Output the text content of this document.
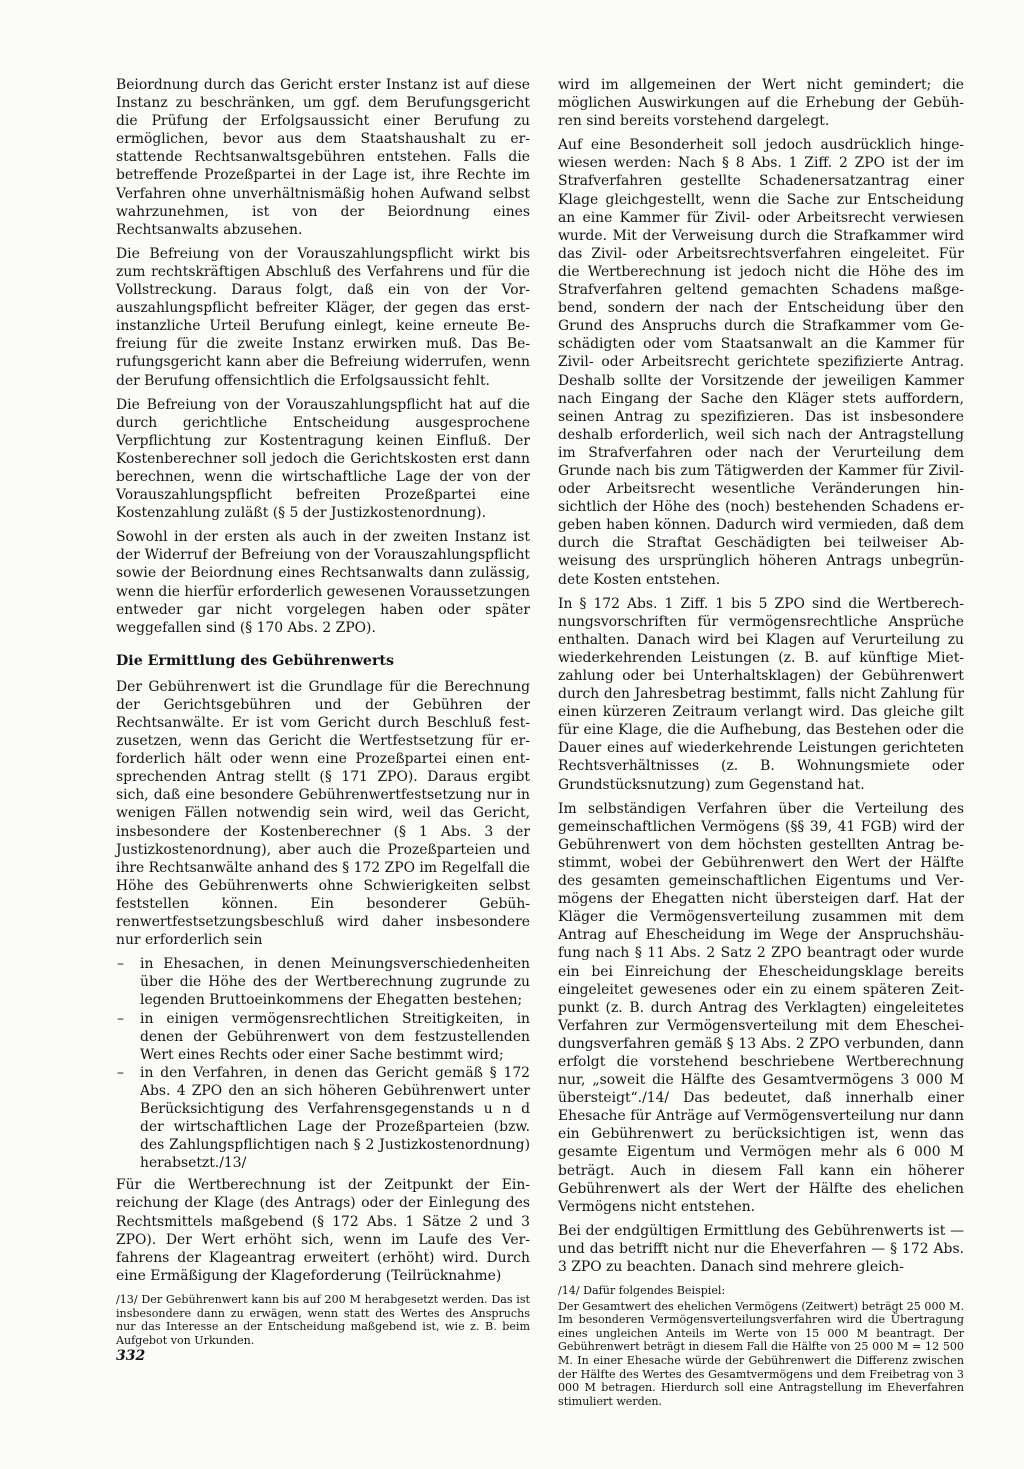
Beiordnung durch das Gericht erster Instanz ist auf diese Instanz zu beschränken, um ggf. dem Berufungsgericht die Prüfung der Erfolgsaussicht einer Berufung zu ermöglichen, bevor aus dem Staatshaushalt zu erstattende Rechtsanwaltsgebühren entstehen. Falls die betreffende Prozeßpartei in der Lage ist, ihre Rechte im Verfahren ohne unverhältnismäßig hohen Aufwand selbst wahrzunehmen, ist von der Beiordnung eines Rechtsanwalts abzusehen.

Die Befreiung von der Vorauszahlungspflicht wirkt bis zum rechtskräftigen Abschluß des Verfahrens und für die Vollstreckung. Daraus folgt, daß ein von der Vorauszahlungspflicht befreiter Kläger, der gegen das erstinstanzliche Urteil Berufung einlegt, keine erneute Befreiung für die zweite Instanz erwirken muß. Das Berufungsgericht kann aber die Befreiung widerrufen, wenn der Berufung offensichtlich die Erfolgsaussicht fehlt.

Die Befreiung von der Vorauszahlungspflicht hat auf die durch gerichtliche Entscheidung ausgesprochene Verpflichtung zur Kostentragung keinen Einfluß. Der Kostenberechner soll jedoch die Gerichtskosten erst dann berechnen, wenn die wirtschaftliche Lage der von der Vorauszahlungspflicht befreiten Prozeßpartei eine Kostenzahlung zuläßt (§ 5 der Justizkostenordnung).

Sowohl in der ersten als auch in der zweiten Instanz ist der Widerruf der Befreiung von der Vorauszahlungspflicht sowie der Beiordnung eines Rechtsanwalts dann zulässig, wenn die hierfür erforderlich gewesenen Voraussetzungen entweder gar nicht vorgelegen haben oder später weggefallen sind (§ 170 Abs. 2 ZPO).

Die Ermittlung des Gebührenwerts

Der Gebührenwert ist die Grundlage für die Berechnung der Gerichtsgebühren und der Gebühren der Rechtsanwälte. Er ist vom Gericht durch Beschluß festzusetzen, wenn das Gericht die Wertfestsetzung für erforderlich hält oder wenn eine Prozeßpartei einen entsprechenden Antrag stellt (§ 171 ZPO). Daraus ergibt sich, daß eine besondere Gebührenwertfestsetzung nur in wenigen Fällen notwendig sein wird, weil das Gericht, insbesondere der Kostenberechner (§ 1 Abs. 3 der Justizkostenordnung), aber auch die Prozeßparteien und ihre Rechtsanwälte anhand des § 172 ZPO im Regelfall die Höhe des Gebührenwerts ohne Schwierigkeiten selbst feststellen können. Ein besonderer Gebührenwertfestsetzungsbeschluß wird daher insbesondere nur erforderlich sein

– in Ehesachen, in denen Meinungsverschiedenheiten über die Höhe des der Wertberechnung zugrunde zu legenden Bruttoeinkommens der Ehegatten bestehen;
– in einigen vermögensrechtlichen Streitigkeiten, in denen der Gebührenwert von dem festzustellenden Wert eines Rechts oder einer Sache bestimmt wird;
– in den Verfahren, in denen das Gericht gemäß § 172 Abs. 4 ZPO den an sich höheren Gebührenwert unter Berücksichtigung des Verfahrensgegenstands u n d der wirtschaftlichen Lage der Prozeßparteien (bzw. des Zahlungspflichtigen nach § 2 Justizkostenordnung) herabsetzt./13/

Für die Wertberechnung ist der Zeitpunkt der Einreichung der Klage (des Antrags) oder der Einlegung des Rechtsmittels maßgebend (§ 172 Abs. 1 Sätze 2 und 3 ZPO). Der Wert erhöht sich, wenn im Laufe des Verfahrens der Klageantrag erweitert (erhöht) wird. Durch eine Ermäßigung der Klageforderung (Teilrücknahme)

/13/ Der Gebührenwert kann bis auf 200 M herabgesetzt werden. Das ist insbesondere dann zu erwägen, wenn statt des Wertes des Anspruchs nur das Interesse an der Entscheidung maßgebend ist, wie z. B. beim Aufgebot von Urkunden.

wird im allgemeinen der Wert nicht gemindert; die möglichen Auswirkungen auf die Erhebung der Gebühren sind bereits vorstehend dargelegt.

Auf eine Besonderheit soll jedoch ausdrücklich hingewiesen werden: Nach § 8 Abs. 1 Ziff. 2 ZPO ist der im Strafverfahren gestellte Schadenersatzantrag einer Klage gleichgestellt, wenn die Sache zur Entscheidung an eine Kammer für Zivil- oder Arbeitsrecht verwiesen wurde. Mit der Verweisung durch die Strafkammer wird das Zivil- oder Arbeitsrechtsverfahren eingeleitet. Für die Wertberechnung ist jedoch nicht die Höhe des im Strafverfahren geltend gemachten Schadens maßgebend, sondern der nach der Entscheidung über den Grund des Anspruchs durch die Strafkammer vom Geschädigten oder vom Staatsanwalt an die Kammer für Zivil- oder Arbeitsrecht gerichtete spezifizierte Antrag. Deshalb sollte der Vorsitzende der jeweiligen Kammer nach Eingang der Sache den Kläger stets auffordern, seinen Antrag zu spezifizieren. Das ist insbesondere deshalb erforderlich, weil sich nach der Antragstellung im Strafverfahren oder nach der Verurteilung dem Grunde nach bis zum Tätigwerden der Kammer für Zivil- oder Arbeitsrecht wesentliche Veränderungen hinsichtlich der Höhe des (noch) bestehenden Schadens ergeben haben können. Dadurch wird vermieden, daß dem durch die Straftat Geschädigten bei teilweiser Abweisung des ursprünglich höheren Antrags unbegründete Kosten entstehen.

In § 172 Abs. 1 Ziff. 1 bis 5 ZPO sind die Wertberechnungsvorschriften für vermögensrechtliche Ansprüche enthalten. Danach wird bei Klagen auf Verurteilung zu wiederkehrenden Leistungen (z. B. auf künftige Mietzahlung oder bei Unterhaltsklagen) der Gebührenwert durch den Jahresbetrag bestimmt, falls nicht Zahlung für einen kürzeren Zeitraum verlangt wird. Das gleiche gilt für eine Klage, die die Aufhebung, das Bestehen oder die Dauer eines auf wiederkehrende Leistungen gerichteten Rechtsverhältnisses (z. B. Wohnungsmiete oder Grundstücksnutzung) zum Gegenstand hat.

Im selbständigen Verfahren über die Verteilung des gemeinschaftlichen Vermögens (§§ 39, 41 FGB) wird der Gebührenwert von dem höchsten gestellten Antrag bestimmt, wobei der Gebührenwert den Wert der Hälfte des gesamten gemeinschaftlichen Eigentums und Vermögens der Ehegatten nicht übersteigen darf. Hat der Kläger die Vermögensverteilung zusammen mit dem Antrag auf Ehescheidung im Wege der Anspruchshäufung nach § 11 Abs. 2 Satz 2 ZPO beantragt oder wurde ein bei Einreichung der Ehescheidungsklage bereits eingeleitet gewesenes oder ein zu einem späteren Zeitpunkt (z. B. durch Antrag des Verklagten) eingeleitetes Verfahren zur Vermögensverteilung mit dem Ehescheidungsverfahren gemäß § 13 Abs. 2 ZPO verbunden, dann erfolgt die vorstehend beschriebene Wertberechnung nur, „soweit die Hälfte des Gesamtvermögens 3 000 M übersteigt“./14/ Das bedeutet, daß innerhalb einer Ehesache für Anträge auf Vermögensverteilung nur dann ein Gebührenwert zu berücksichtigen ist, wenn das gesamte Eigentum und Vermögen mehr als 6 000 M beträgt. Auch in diesem Fall kann ein höherer Gebührenwert als der Wert der Hälfte des ehelichen Vermögens nicht entstehen.

Bei der endgültigen Ermittlung des Gebührenwerts ist — und das betrifft nicht nur die Eheverfahren — § 172 Abs. 3 ZPO zu beachten. Danach sind mehrere gleich-

/14/ Dafür folgendes Beispiel:

Der Gesamtwert des ehelichen Vermögens (Zeitwert) beträgt 25 000 M. Im besonderen Vermögensverteilungsverfahren wird die Übertragung eines ungleichen Anteils im Werte von 15 000 M beantragt. Der Gebührenwert beträgt in diesem Fall die Hälfte von 25 000 M = 12 500 M. In einer Ehesache würde der Gebührenwert die Differenz zwischen der Hälfte des Wertes des Gesamtvermögens und dem Freibetrag von 3 000 M betragen. Hierdurch soll eine Antragstellung im Eheverfahren stimuliert werden.

332
